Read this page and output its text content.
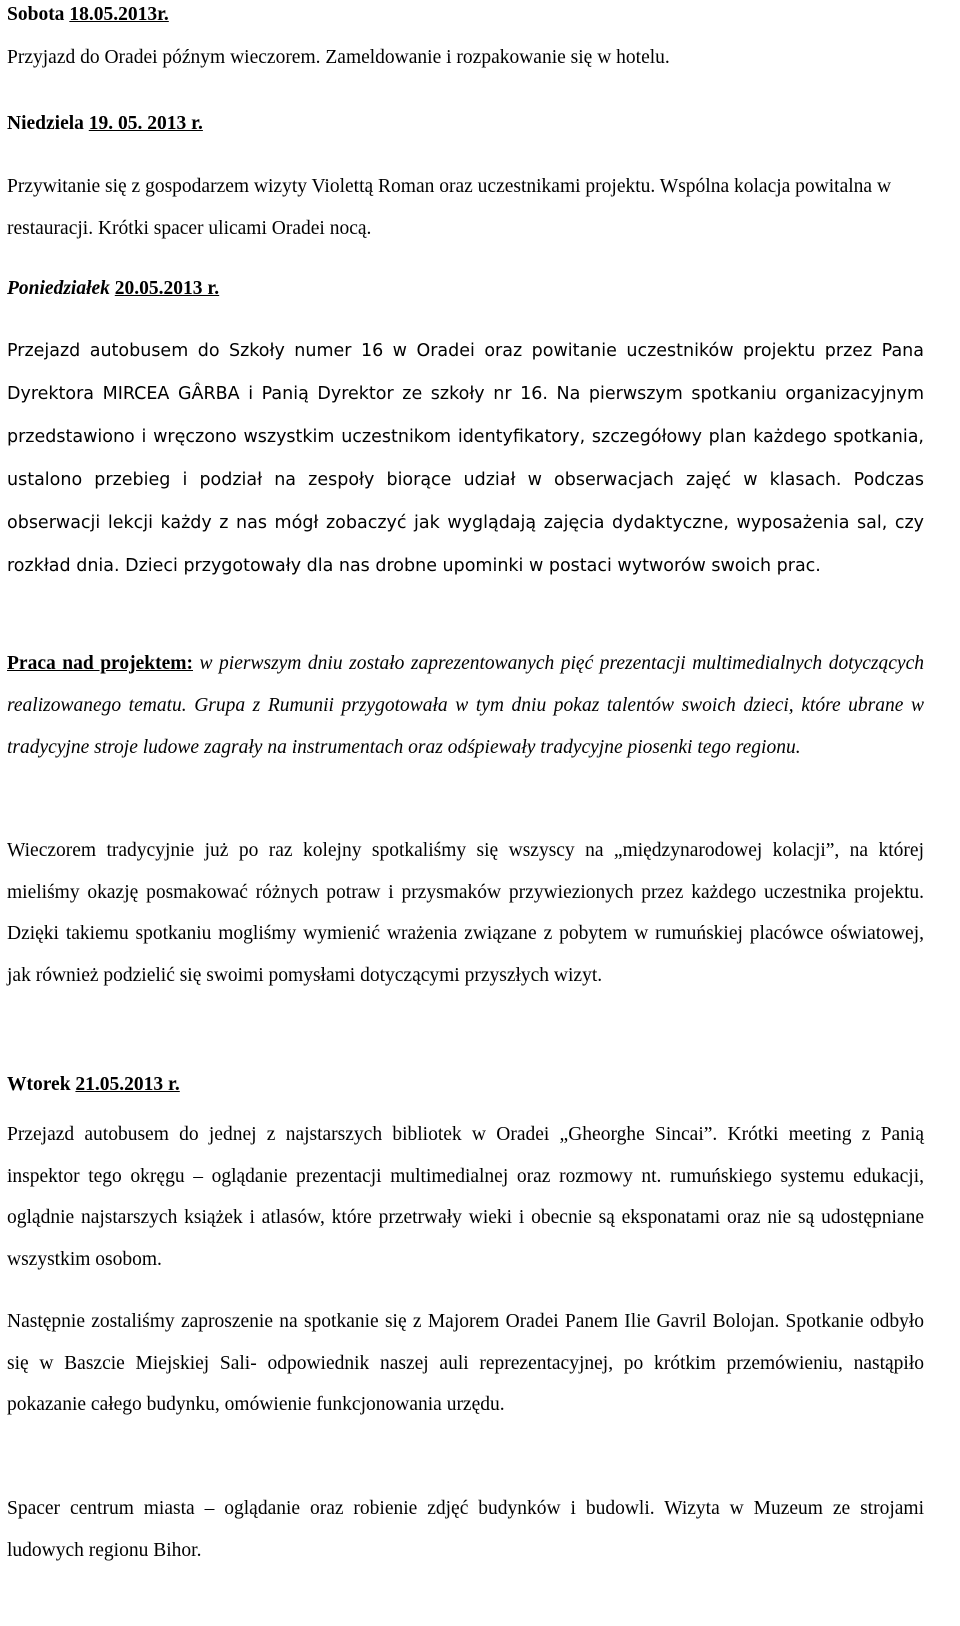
Sobota 18.05.2013r.

Przyjazd do Oradei późnym wieczorem. Zameldowanie i rozpakowanie się w hotelu.

Niedziela 19. 05. 2013 r.

Przywitanie się z gospodarzem wizyty Violettą Roman oraz uczestnikami projektu. Wspólna kolacja powitalna w restauracji. Krótki spacer ulicami Oradei nocą.

Poniedziałek 20.05.2013 r.

Przejazd autobusem do Szkoły numer 16 w Oradei oraz powitanie uczestników projektu przez Pana Dyrektora MIRCEA GÂRBA i Panią Dyrektor ze szkoły nr 16. Na pierwszym spotkaniu organizacyjnym przedstawiono i wręczono wszystkim uczestnikom identyfikatory, szczegółowy plan każdego spotkania, ustalono przebieg i podział na zespoły biorące udział w obserwacjach zajęć w klasach. Podczas obserwacji lekcji każdy z nas mógł zobaczyć jak wyglądają zajęcia dydaktyczne, wyposażenia sal, czy rozkład dnia. Dzieci przygotowały dla nas drobne upominki w postaci wytworów swoich prac.

Praca nad projektem: w pierwszym dniu zostało zaprezentowanych pięć prezentacji multimedialnych dotyczących realizowanego tematu. Grupa z Rumunii przygotowała w tym dniu pokaz talentów swoich dzieci, które ubrane w tradycyjne stroje ludowe zagrały na instrumentach oraz odśpiewały tradycyjne piosenki tego regionu.

Wieczorem tradycyjnie już po raz kolejny spotkaliśmy się wszyscy na „międzynarodowej kolacji”, na której mieliśmy okazję posmakować różnych potraw i przysmaków przywiezionych przez każdego uczestnika projektu. Dzięki takiemu spotkaniu mogliśmy wymienić wrażenia związane z pobytem w rumuńskiej placówce oświatowej, jak również podzielić się swoimi pomysłami dotyczącymi przyszłych wizyt.

Wtorek 21.05.2013 r.

Przejazd autobusem do jednej z najstarszych bibliotek w Oradei „Gheorghe Sincai”. Krótki meeting z Panią inspektor tego okręgu – oglądanie prezentacji multimedialnej oraz rozmowy nt. rumuńskiego systemu edukacji, oglądnie najstarszych książek i atlasów, które przetrwały wieki i obecnie są eksponatami oraz nie są udostępniane wszystkim osobom.

Następnie zostaliśmy zaproszenie na spotkanie się z Majorem Oradei Panem Ilie Gavril Bolojan. Spotkanie odbyło się w Baszcie Miejskiej Sali- odpowiednik naszej auli reprezentacyjnej, po krótkim przemówieniu, nastąpiło pokazanie całego budynku, omówienie funkcjonowania urzędu.

Spacer centrum miasta – oglądanie oraz robienie zdjęć budynków i budowli. Wizyta w Muzeum ze strojami ludowych regionu Bihor.
